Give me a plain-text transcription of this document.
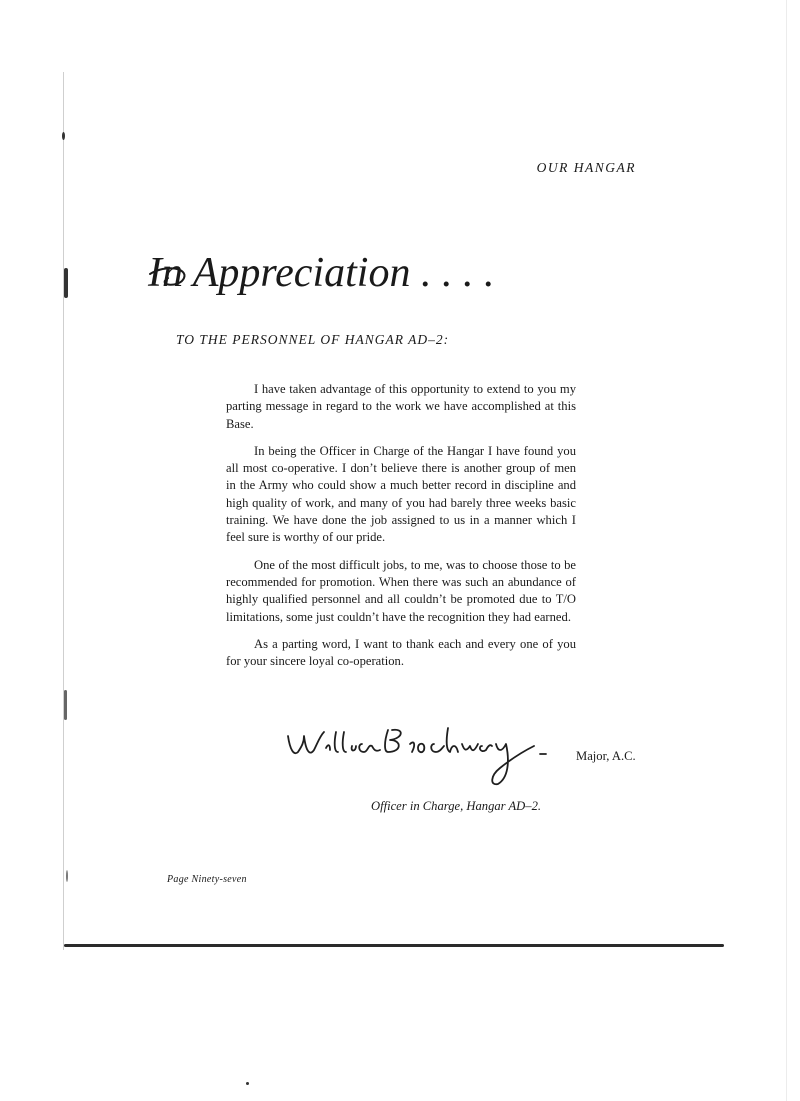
OUR HANGAR
In Appreciation . . . .
TO THE PERSONNEL OF HANGAR AD–2:

I have taken advantage of this opportunity to extend to you my parting message in regard to the work we have accomplished at this Base.

In being the Officer in Charge of the Hangar I have found you all most co-operative. I don’t believe there is another group of men in the Army who could show a much better record in discipline and high quality of work, and many of you had barely three weeks basic training. We have done the job assigned to us in a manner which I feel sure is worthy of our pride.

One of the most difficult jobs, to me, was to choose those to be recommended for promotion. When there was such an abundance of highly qualified personnel and all couldn’t be promoted due to T/O limitations, some just couldn’t have the recognition they had earned.

As a parting word, I want to thank each and every one of you for your sincere loyal co-operation.

William B. Brockway
Major, A.C.
Officer in Charge, Hangar AD–2.
Page Ninety-seven
